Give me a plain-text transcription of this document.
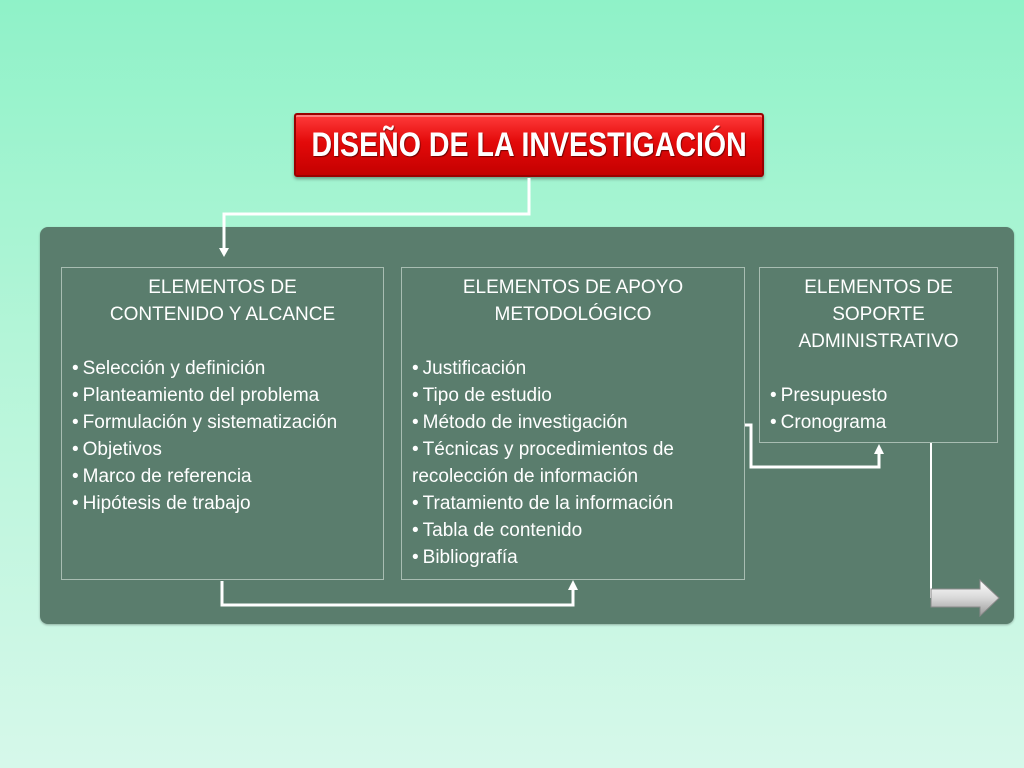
DISEÑO DE LA INVESTIGACIÓN
ELEMENTOS DE
CONTENIDO Y ALCANCE
• Selección y definición
• Planteamiento del problema
• Formulación y sistematización
• Objetivos
• Marco de referencia
• Hipótesis de trabajo
ELEMENTOS DE APOYO
METODOLÓGICO
• Justificación
• Tipo de estudio
• Método de investigación
• Técnicas y procedimientos de recolección de información
• Tratamiento de la información
• Tabla de contenido
• Bibliografía
ELEMENTOS DE
SOPORTE
ADMINISTRATIVO
• Presupuesto
• Cronograma
